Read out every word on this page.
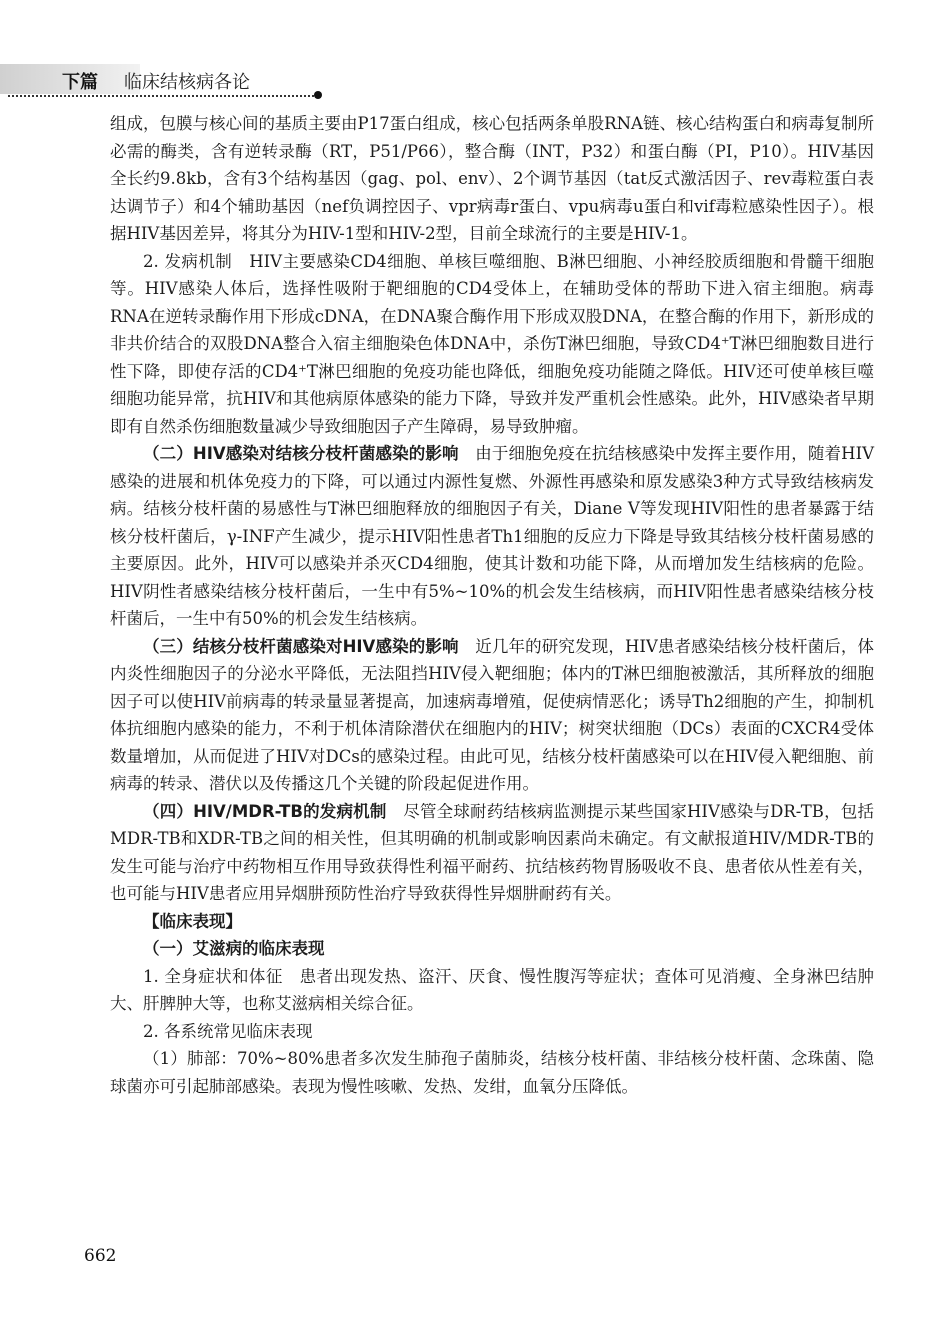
下篇 临床结核病各论

组成，包膜与核心间的基质主要由P17蛋白组成，核心包括两条单股RNA链、核心结构蛋白和病毒复制所必需的酶类，含有逆转录酶（RT，P51/P66），整合酶（INT，P32）和蛋白酶（PI，P10）。HIV基因全长约9.8kb，含有3个结构基因（gag、pol、env）、2个调节基因（tat反式激活因子、rev毒粒蛋白表达调节子）和4个辅助基因（nef负调控因子、vpr病毒r蛋白、vpu病毒u蛋白和vif毒粒感染性因子）。根据HIV基因差异，将其分为HIV-1型和HIV-2型，目前全球流行的主要是HIV-1。

2. 发病机制　HIV主要感染CD4细胞、单核巨噬细胞、B淋巴细胞、小神经胶质细胞和骨髓干细胞等。HIV感染人体后，选择性吸附于靶细胞的CD4受体上，在辅助受体的帮助下进入宿主细胞。病毒RNA在逆转录酶作用下形成cDNA，在DNA聚合酶作用下形成双股DNA，在整合酶的作用下，新形成的非共价结合的双股DNA整合入宿主细胞染色体DNA中，杀伤T淋巴细胞，导致CD4⁺T淋巴细胞数目进行性下降，即使存活的CD4⁺T淋巴细胞的免疫功能也降低，细胞免疫功能随之降低。HIV还可使单核巨噬细胞功能异常，抗HIV和其他病原体感染的能力下降，导致并发严重机会性感染。此外，HIV感染者早期即有自然杀伤细胞数量减少导致细胞因子产生障碍，易导致肿瘤。

（二）HIV感染对结核分枝杆菌感染的影响　由于细胞免疫在抗结核感染中发挥主要作用，随着HIV感染的进展和机体免疫力的下降，可以通过内源性复燃、外源性再感染和原发感染3种方式导致结核病发病。结核分枝杆菌的易感性与T淋巴细胞释放的细胞因子有关，Diane V等发现HIV阳性的患者暴露于结核分枝杆菌后，γ-INF产生减少，提示HIV阳性患者Th1细胞的反应力下降是导致其结核分枝杆菌易感的主要原因。此外，HIV可以感染并杀灭CD4细胞，使其计数和功能下降，从而增加发生结核病的危险。HIV阴性者感染结核分枝杆菌后，一生中有5%~10%的机会发生结核病，而HIV阳性患者感染结核分枝杆菌后，一生中有50%的机会发生结核病。

（三）结核分枝杆菌感染对HIV感染的影响　近几年的研究发现，HIV患者感染结核分枝杆菌后，体内炎性细胞因子的分泌水平降低，无法阻挡HIV侵入靶细胞；体内的T淋巴细胞被激活，其所释放的细胞因子可以使HIV前病毒的转录量显著提高，加速病毒增殖，促使病情恶化；诱导Th2细胞的产生，抑制机体抗细胞内感染的能力，不利于机体清除潜伏在细胞内的HIV；树突状细胞（DCs）表面的CXCR4受体数量增加，从而促进了HIV对DCs的感染过程。由此可见，结核分枝杆菌感染可以在HIV侵入靶细胞、前病毒的转录、潜伏以及传播这几个关键的阶段起促进作用。

（四）HIV/MDR-TB的发病机制　尽管全球耐药结核病监测提示某些国家HIV感染与DR-TB，包括MDR-TB和XDR-TB之间的相关性，但其明确的机制或影响因素尚未确定。有文献报道HIV/MDR-TB的发生可能与治疗中药物相互作用导致获得性利福平耐药、抗结核药物胃肠吸收不良、患者依从性差有关，也可能与HIV患者应用异烟肼预防性治疗导致获得性异烟肼耐药有关。

【临床表现】

（一）艾滋病的临床表现

1. 全身症状和体征　患者出现发热、盗汗、厌食、慢性腹泻等症状；查体可见消瘦、全身淋巴结肿大、肝脾肿大等，也称艾滋病相关综合征。

2. 各系统常见临床表现

（1）肺部：70%~80%患者多次发生肺孢子菌肺炎，结核分枝杆菌、非结核分枝杆菌、念珠菌、隐球菌亦可引起肺部感染。表现为慢性咳嗽、发热、发绀，血氧分压降低。

662
